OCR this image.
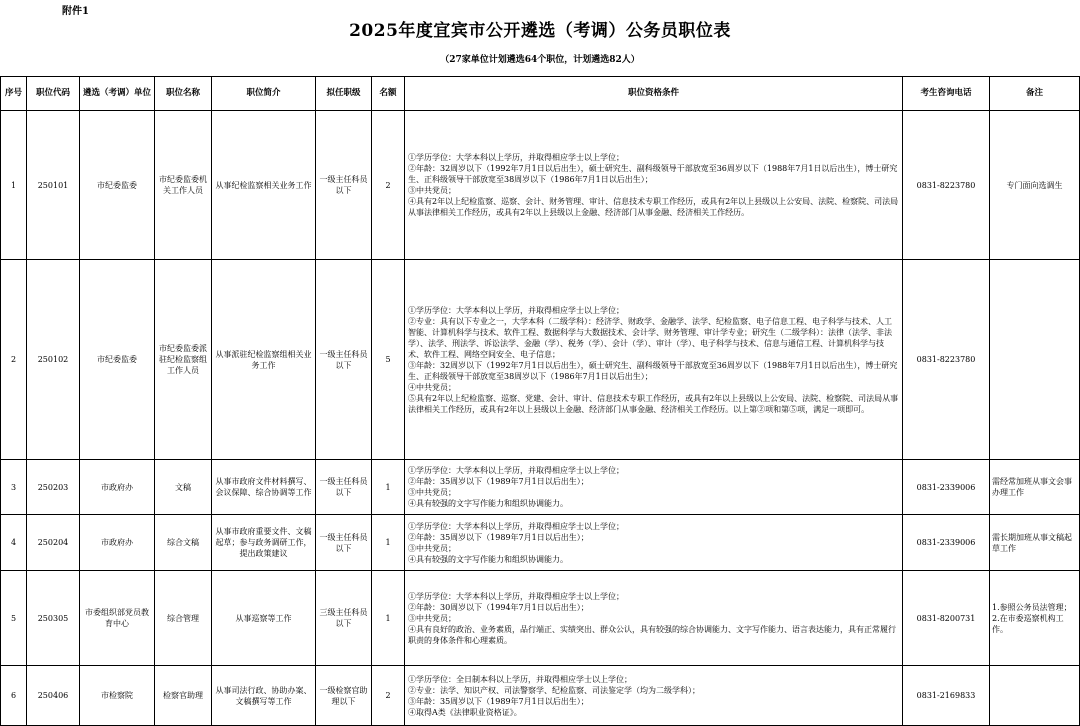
附件1
2025年度宜宾市公开遴选（考调）公务员职位表
（27家单位计划遴选64个职位，计划遴选82人）
序号	职位代码	遴选（考调）单位	职位名称	职位简介	拟任职级	名额	职位资格条件	考生咨询电话	备注
1	250101	市纪委监委	市纪委监委机关工作人员	从事纪检监察相关业务工作	一级主任科员以下	2	①学历学位：大学本科以上学历，并取得相应学士以上学位；
②年龄：32周岁以下（1992年7月1日以后出生），硕士研究生、副科级领导干部放宽至36周岁以下（1988年7月1日以后出生），博士研究生、正科级领导干部放宽至38周岁以下（1986年7月1日以后出生）；
③中共党员；
④具有2年以上纪检监察、巡察、会计、财务管理、审计、信息技术专职工作经历，或具有2年以上县级以上公安局、法院、检察院、司法局从事法律相关工作经历，或具有2年以上县级以上金融、经济部门从事金融、经济相关工作经历。	0831-8223780	专门面向选调生
2	250102	市纪委监委	市纪委监委派驻纪检监察组工作人员	从事派驻纪检监察组相关业务工作	一级主任科员以下	5	①学历学位：大学本科以上学历，并取得相应学士以上学位；
②专业：具有以下专业之一，大学本科（二级学科）：经济学、财政学、金融学、法学、纪检监察、电子信息工程、电子科学与技术、人工智能、计算机科学与技术、软件工程、数据科学与大数据技术、会计学、财务管理、审计学专业；研究生（二级学科）：法律（法学、非法学）、法学、刑法学、诉讼法学、金融（学）、税务（学）、会计（学）、审计（学）、电子科学与技术、信息与通信工程、计算机科学与技术、软件工程、网络空间安全、电子信息；
③年龄：32周岁以下（1992年7月1日以后出生），硕士研究生、副科级领导干部放宽至36周岁以下（1988年7月1日以后出生），博士研究生、正科级领导干部放宽至38周岁以下（1986年7月1日以后出生）；
④中共党员；
⑤具有2年以上纪检监察、巡察、党建、会计、审计、信息技术专职工作经历，或具有2年以上县级以上公安局、法院、检察院、司法局从事法律相关工作经历，或具有2年以上县级以上金融、经济部门从事金融、经济相关工作经历。以上第②项和第⑤项，满足一项即可。	0831-8223780	
3	250203	市政府办	文稿	从事市政府文件材料撰写、会议保障、综合协调等工作	一级主任科员以下	1	①学历学位：大学本科以上学历，并取得相应学士以上学位；
②年龄：35周岁以下（1989年7月1日以后出生）；
③中共党员；
④具有较强的文字写作能力和组织协调能力。	0831-2339006	需经常加班从事文会事办理工作
4	250204	市政府办	综合文稿	从事市政府重要文件、文稿起草；参与政务调研工作，提出政策建议	一级主任科员以下	1	①学历学位：大学本科以上学历，并取得相应学士以上学位；
②年龄：35周岁以下（1989年7月1日以后出生）；
③中共党员；
④具有较强的文字写作能力和组织协调能力。	0831-2339006	需长期加班从事文稿起草工作
5	250305	市委组织部党员教育中心	综合管理	从事巡察等工作	三级主任科员以下	1	①学历学位：大学本科以上学历，并取得相应学士以上学位；
②年龄：30周岁以下（1994年7月1日以后出生）；
③中共党员；
④具有良好的政治、业务素质，品行端正、实绩突出、群众公认，具有较强的综合协调能力、文字写作能力、语言表达能力，具有正常履行职责的身体条件和心理素质。	0831-8200731	1.参照公务员法管理；2.在市委巡察机构工作。
6	250406	市检察院	检察官助理	从事司法行政、协助办案、文稿撰写等工作	一级检察官助理以下	2	①学历学位：全日制本科以上学历，并取得相应学士以上学位；
②专业：法学、知识产权、司法警察学、纪检监察、司法鉴定学（均为二级学科）；
③年龄：35周岁以下（1989年7月1日以后出生）；
④取得A类《法律职业资格证》。	0831-2169833	
